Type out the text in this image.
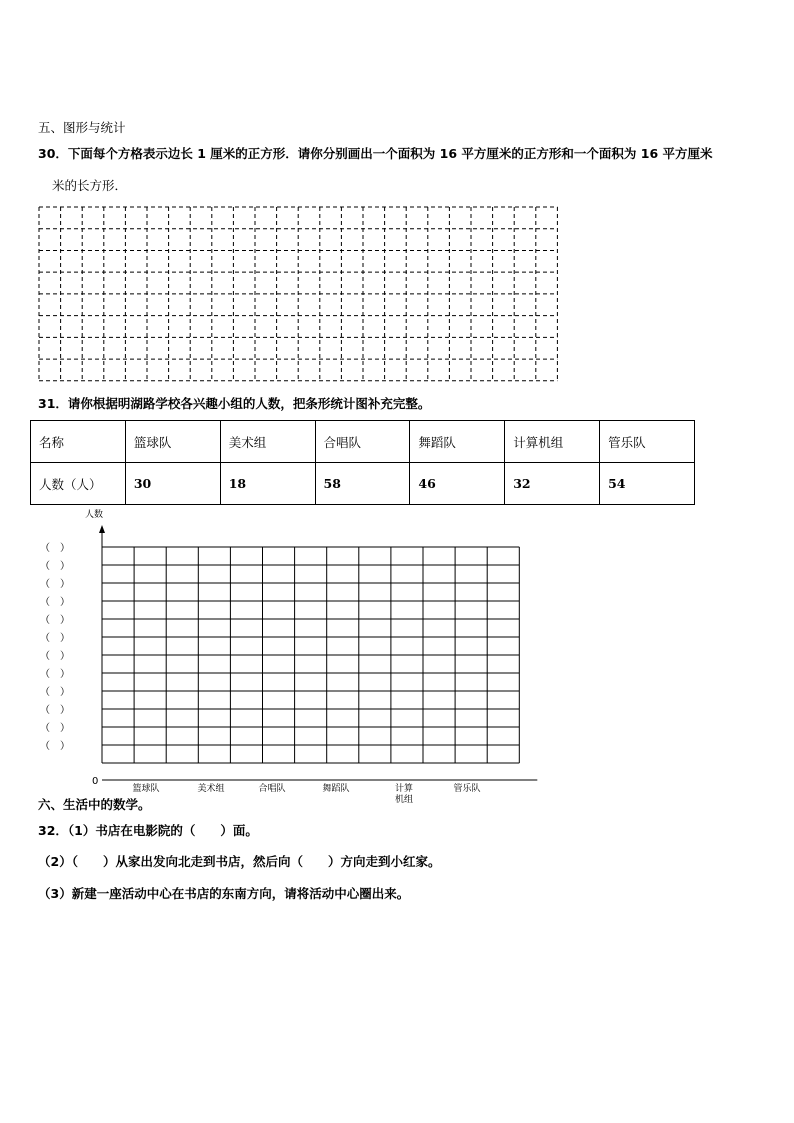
五、图形与统计
30．下面每个方格表示边长 1 厘米的正方形．请你分别画出一个面积为 16 平方厘米的正方形和一个面积为 16 平方厘米
米的长方形．
31．请你根据明湖路学校各兴趣小组的人数，把条形统计图补充完整。
名称	篮球队	美术组	合唱队	舞蹈队	计算机组	管乐队
人数（人）	30	18	58	46	32	54
人数
0
（　）
（　）
（　）
（　）
（　）
（　）
（　）
（　）
（　）
（　）
（　）
（　）
篮球队	美术组	合唱队	舞蹈队	计算机组
管乐队
六、生活中的数学。
32．（1）书店在电影院的（　　）面。
（2）（　　）从家出发向北走到书店，然后向（　　）方向走到小红家。
（3）新建一座活动中心在书店的东南方向，请将活动中心圈出来。
